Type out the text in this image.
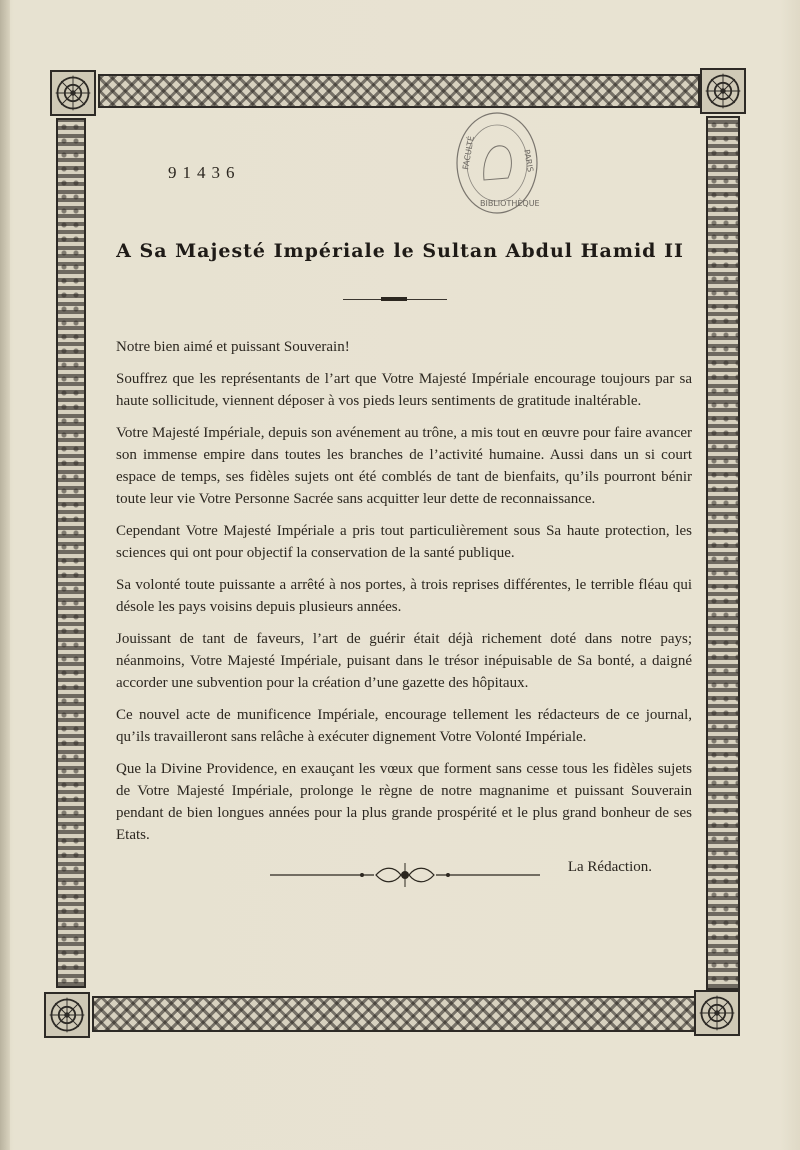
FACULTÉ	PARIS
BIBLIOTHÈQUE
91436
A Sa Majesté Impériale le Sultan Abdul Hamid II

Notre bien aimé et puissant Souverain!

Souffrez que les représentants de l’art que Votre Majesté Impériale encourage toujours par sa haute sollicitude, viennent déposer à vos pieds leurs sentiments de gratitude inaltérable.

Votre Majesté Impériale, depuis son avénement au trône, a mis tout en œuvre pour faire avancer son immense empire dans toutes les branches de l’activité humaine. Aussi dans un si court espace de temps, ses fidèles sujets ont été comblés de tant de bienfaits, qu’ils pourront bénir toute leur vie Votre Personne Sacrée sans acquitter leur dette de reconnaissance.

Cependant Votre Majesté Impériale a pris tout particulièrement sous Sa haute protection, les sciences qui ont pour objectif la conservation de la santé publique.

Sa volonté toute puissante a arrêté à nos portes, à trois reprises différentes, le terrible fléau qui désole les pays voisins depuis plusieurs années.

Jouissant de tant de faveurs, l’art de guérir était déjà richement doté dans notre pays; néanmoins, Votre Majesté Impériale, puisant dans le trésor inépuisable de Sa bonté, a daigné accorder une subvention pour la création d’une gazette des hôpitaux.

Ce nouvel acte de munificence Impériale, encourage tellement les rédacteurs de ce journal, qu’ils travailleront sans relâche à exécuter dignement Votre Volonté Impériale.

Que la Divine Providence, en exauçant les vœux que forment sans cesse tous les fidèles sujets de Votre Majesté Impériale, prolonge le règne de notre magnanime et puissant Souverain pendant de bien longues années pour la plus grande prospérité et le plus grand bonheur de ses Etats.

La Rédaction.
